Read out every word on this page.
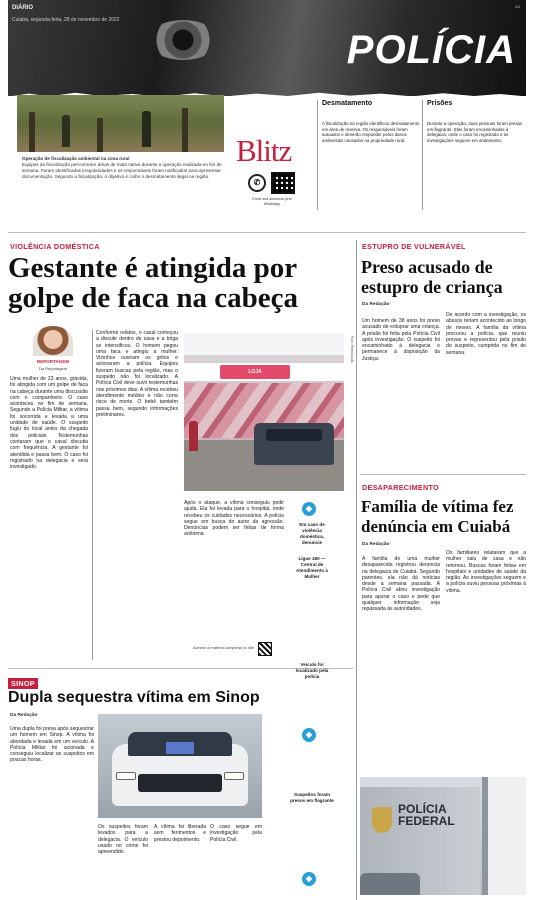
DIÁRIO
Cuiabá, segunda-feira, 28 de novembro de 2022
A4
POLÍCIA
Operação de fiscalização ambiental na zona rural
Equipes da fiscalização percorreram áreas de mata nativa durante a operação realizada no fim de semana. Foram identificadas irregularidades e os responsáveis foram notificados para apresentar documentação. Segundo a fiscalização, o objetivo é coibir o desmatamento ilegal na região.
Blitz
✆
Envie sua denúncia pelo WhatsApp
Desmatamento

A fiscalização na região identificou desmatamento em área de reserva. Os responsáveis foram autuados e deverão responder pelos danos ambientais causados na propriedade rural.

Prisões

Durante a operação, duas pessoas foram presas em flagrante. Elas foram encaminhadas à delegacia, onde o caso foi registrado e as investigações seguem em andamento.

VIOLÊNCIA DOMÉSTICA
Gestante é atingida por
golpe de faca na cabeça
REPORTAGEM
Da Reportagem
Uma mulher de 23 anos, grávida, foi atingida com um golpe de faca na cabeça durante uma discussão com o companheiro. O caso aconteceu no fim de semana. Segundo a Polícia Militar, a vítima foi socorrida e levada a uma unidade de saúde. O suspeito fugiu do local antes da chegada dos policiais. Testemunhas contaram que o casal discutia com frequência. A gestante foi atendida e passa bem. O caso foi registrado na delegacia e será investigado.
Conforme relatos, o casal começou a discutir dentro de casa e a briga se intensificou. O homem pegou uma faca e atingiu a mulher. Vizinhos ouviram os gritos e acionaram a polícia. Equipes fizeram buscas pela região, mas o suspeito não foi localizado. A Polícia Civil deve ouvir testemunhas nos próximos dias. A vítima recebeu atendimento médico e não corre risco de morte. O bebê também passa bem, segundo informações preliminares.
LOJA
Foto: Reprodução
Após o ataque, a vítima conseguiu pedir ajuda. Ela foi levada para o hospital, onde recebeu os cuidados necessários. A polícia segue em busca do autor da agressão. Denúncias podem ser feitas de forma anônima.
◆
Em caso de violência doméstica, denuncie
Ligue 180 — Central de Atendimento à Mulher
Acesse a matéria completa no site
ESTUPRO DE VULNERÁVEL
Preso acusado de
estupro de criança
Da Redação
Um homem de 38 anos foi preso acusado de estuprar uma criança. A prisão foi feita pela Polícia Civil após investigação. O suspeito foi encaminhado à delegacia e permanece à disposição da Justiça.
De acordo com a investigação, os abusos teriam acontecido ao longo de meses. A família da vítima procurou a polícia, que reuniu provas e representou pela prisão do suspeito, cumprida no fim de semana.
DESAPARECIMENTO
Família de vítima fez
denúncia em Cuiabá
Da Redação
A família de uma mulher desaparecida registrou denúncia na delegacia de Cuiabá. Segundo parentes, ela não dá notícias desde a semana passada. A Polícia Civil abriu investigação para apurar o caso e pede que qualquer informação seja repassada às autoridades.
Os familiares relataram que a mulher saiu de casa e não retornou. Buscas foram feitas em hospitais e unidades de saúde da região. As investigações seguem e a polícia ouviu pessoas próximas à vítima.
POLÍCIA
FEDERAL
SINOP
Dupla sequestra vítima em Sinop
Da Redação
Uma dupla foi presa após sequestrar um homem em Sinop. A vítima foi abordada e levada em um veículo. A Polícia Militar foi acionada e conseguiu localizar os suspeitos em poucas horas.
Os suspeitos foram levados para a delegacia. O veículo usado no crime foi apreendido.
A vítima foi liberada sem ferimentos e prestou depoimento.
O caso segue em investigação pela Polícia Civil.
Veículo foi localizado pela polícia
◆
Suspeitos foram presos em flagrante
◆
